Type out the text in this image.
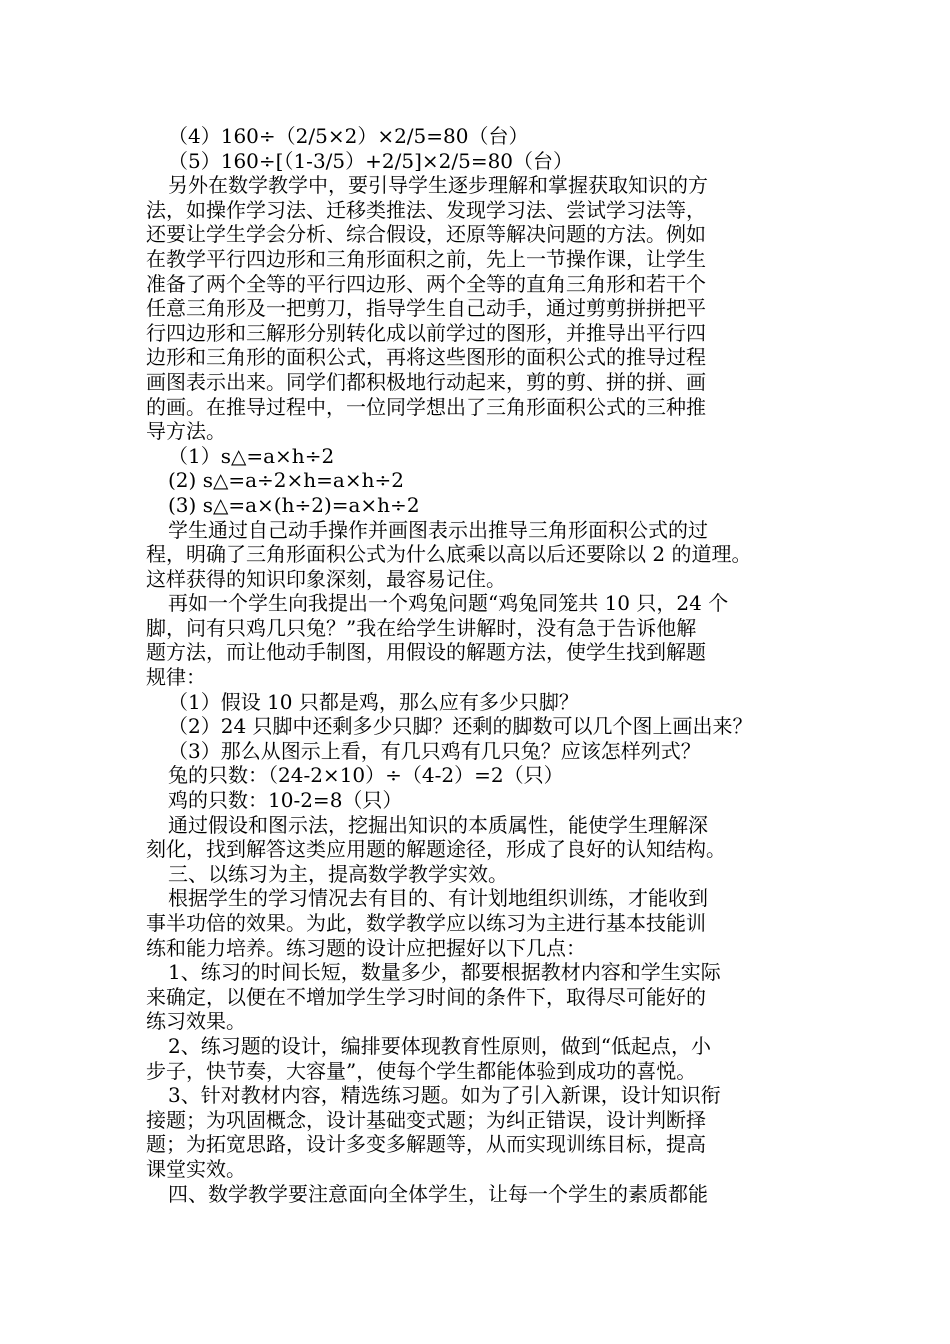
（4）160÷（2/5×2）×2/5=80（台）
（5）160÷[（1-3/5）+2/5]×2/5=80（台）
另外在数学教学中，要引导学生逐步理解和掌握获取知识的方
法，如操作学习法、迁移类推法、发现学习法、尝试学习法等，
还要让学生学会分析、综合假设，还原等解决问题的方法。例如
在教学平行四边形和三角形面积之前，先上一节操作课，让学生
准备了两个全等的平行四边形、两个全等的直角三角形和若干个
任意三角形及一把剪刀，指导学生自己动手，通过剪剪拼拼把平
行四边形和三解形分别转化成以前学过的图形，并推导出平行四
边形和三角形的面积公式，再将这些图形的面积公式的推导过程
画图表示出来。同学们都积极地行动起来，剪的剪、拼的拼、画
的画。在推导过程中，一位同学想出了三角形面积公式的三种推
导方法。
（1）s△=a×h÷2
(2) s△=a÷2×h=a×h÷2
(3) s△=a×(h÷2)=a×h÷2
学生通过自己动手操作并画图表示出推导三角形面积公式的过
程，明确了三角形面积公式为什么底乘以高以后还要除以 2 的道理。
这样获得的知识印象深刻，最容易记住。
再如一个学生向我提出一个鸡兔问题“鸡兔同笼共 10 只，24 个
脚，问有只鸡几只兔？”我在给学生讲解时，没有急于告诉他解
题方法，而让他动手制图，用假设的解题方法，使学生找到解题
规律：
（1）假设 10 只都是鸡，那么应有多少只脚？
（2）24 只脚中还剩多少只脚？还剩的脚数可以几个图上画出来？
（3）那么从图示上看，有几只鸡有几只兔？应该怎样列式？
兔的只数：（24-2×10）÷（4-2）=2（只）
鸡的只数：10-2=8（只）
通过假设和图示法，挖掘出知识的本质属性，能使学生理解深
刻化，找到解答这类应用题的解题途径，形成了良好的认知结构。
三、以练习为主，提高数学教学实效。
根据学生的学习情况去有目的、有计划地组织训练，才能收到
事半功倍的效果。为此，数学教学应以练习为主进行基本技能训
练和能力培养。练习题的设计应把握好以下几点：
1、练习的时间长短，数量多少，都要根据教材内容和学生实际
来确定，以便在不增加学生学习时间的条件下，取得尽可能好的
练习效果。
2、练习题的设计，编排要体现教育性原则，做到“低起点，小
步子，快节奏，大容量”，使每个学生都能体验到成功的喜悦。
3、针对教材内容，精选练习题。如为了引入新课，设计知识衔
接题；为巩固概念，设计基础变式题；为纠正错误，设计判断择
题；为拓宽思路，设计多变多解题等，从而实现训练目标，提高
课堂实效。
四、数学教学要注意面向全体学生，让每一个学生的素质都能
